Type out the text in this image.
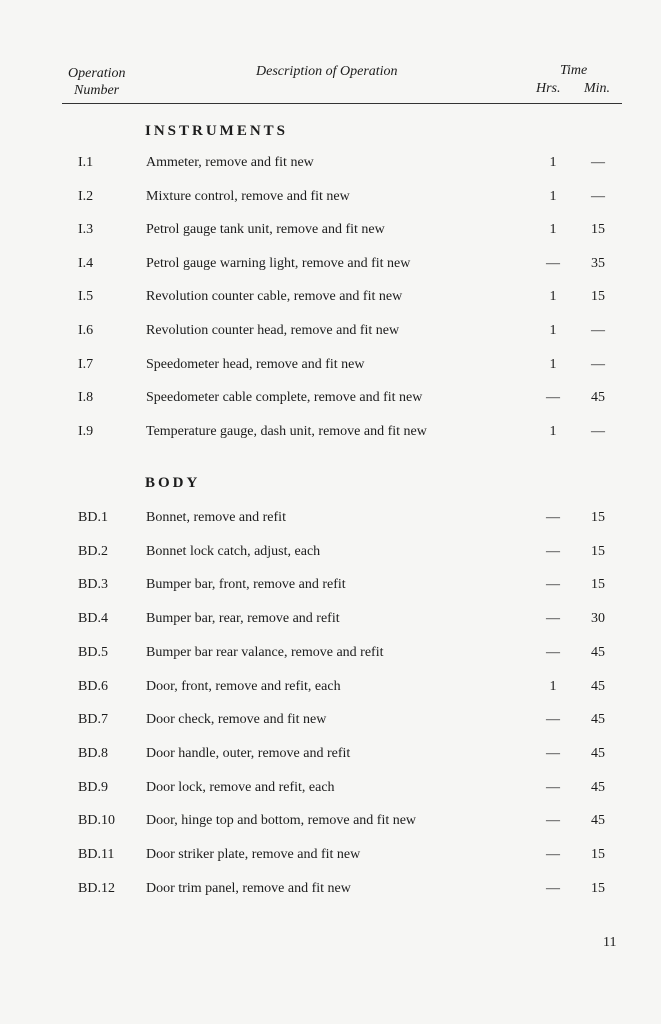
Operation
Number
Description of Operation	Time
Hrs. Min.
INSTRUMENTS
I.1	Ammeter, remove and fit new	1	—
I.2	Mixture control, remove and fit new	1	—
I.3	Petrol gauge tank unit, remove and fit new	1	15
I.4	Petrol gauge warning light, remove and fit new	—	35
I.5	Revolution counter cable, remove and fit new	1	15
I.6	Revolution counter head, remove and fit new	1	—
I.7	Speedometer head, remove and fit new	1	—
I.8	Speedometer cable complete, remove and fit new	—	45
I.9	Temperature gauge, dash unit, remove and fit new	1	—
BODY
BD.1	Bonnet, remove and refit	—	15
BD.2	Bonnet lock catch, adjust, each	—	15
BD.3	Bumper bar, front, remove and refit	—	15
BD.4	Bumper bar, rear, remove and refit	—	30
BD.5	Bumper bar rear valance, remove and refit	—	45
BD.6	Door, front, remove and refit, each	1	45
BD.7	Door check, remove and fit new	—	45
BD.8	Door handle, outer, remove and refit	—	45
BD.9	Door lock, remove and refit, each	—	45
BD.10 Door, hinge top and bottom, remove and fit new	—	45
BD.11 Door striker plate, remove and fit new	—	15
BD.12 Door trim panel, remove and fit new	—	15
11
